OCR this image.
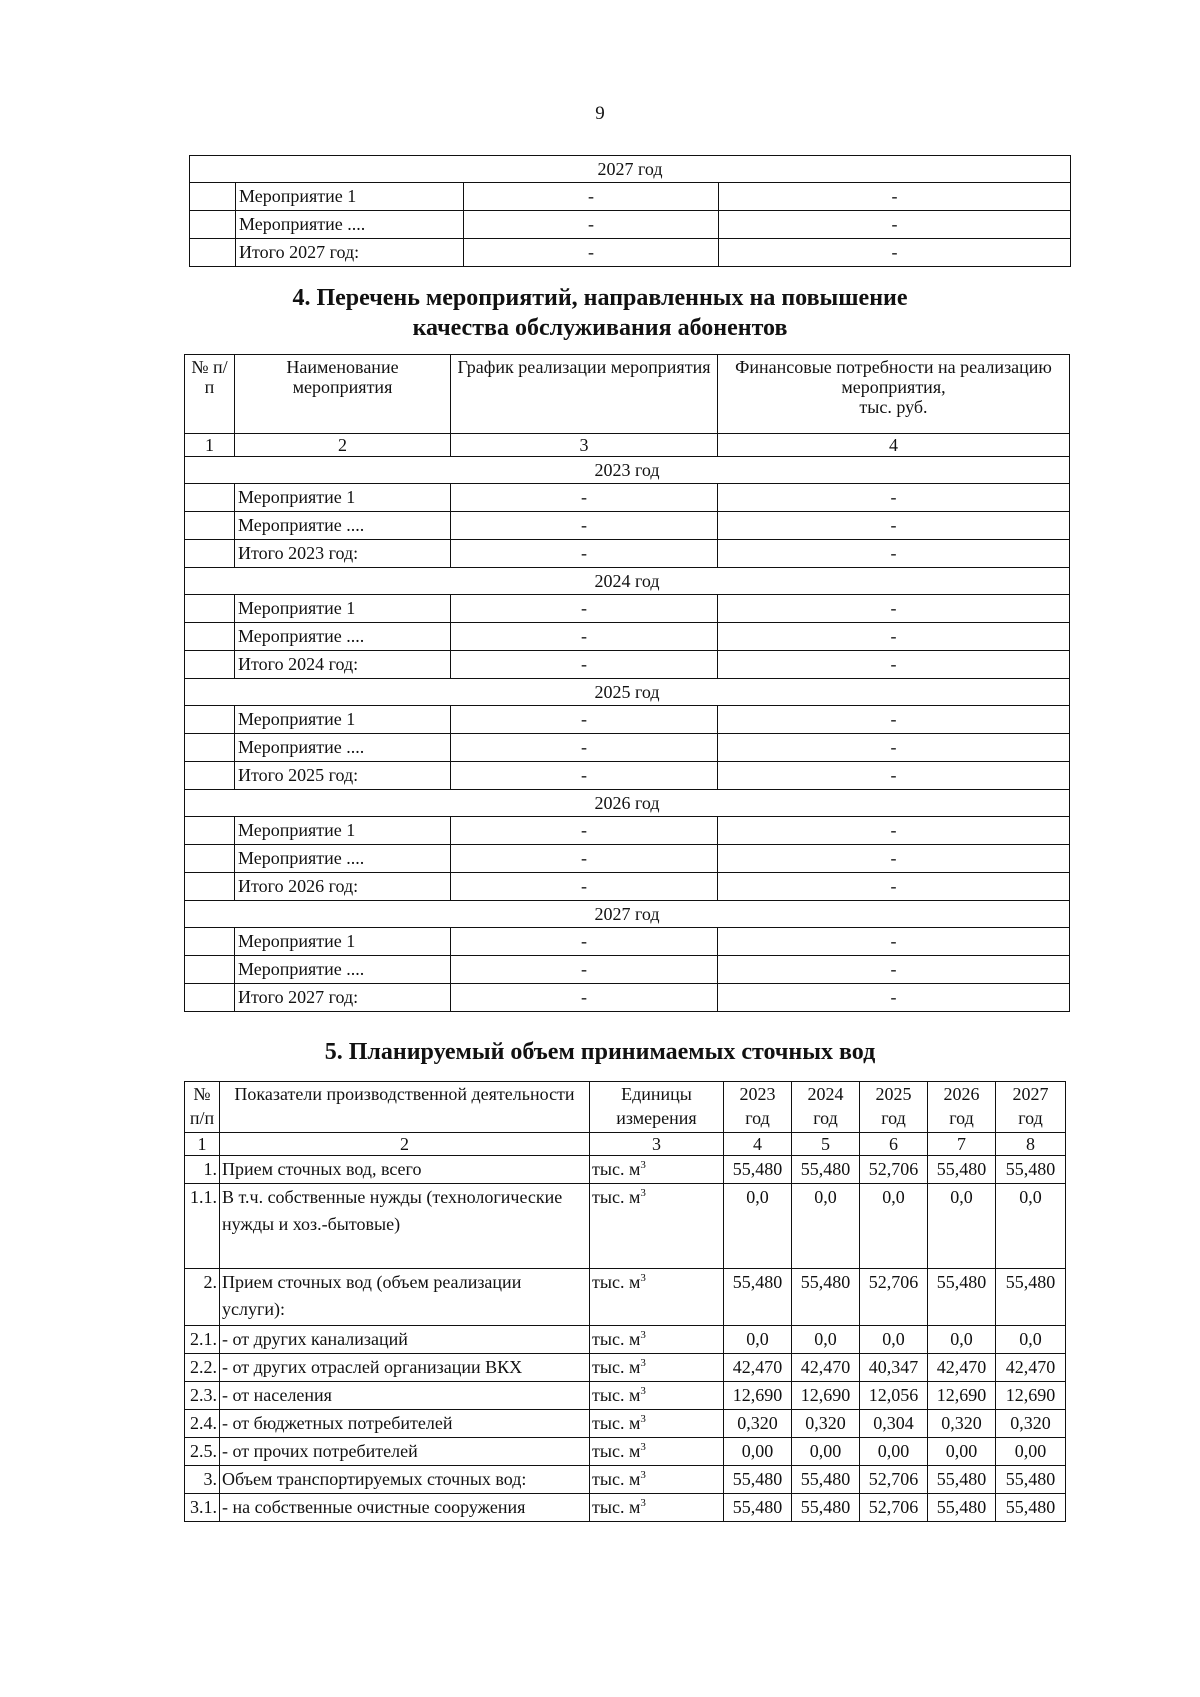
9
2027 год			
	Мероприятие 1	-	-
	Мероприятие ....	-	-
	Итого 2027 год:	-	-
4. Перечень мероприятий, направленных на повышение
качества обслуживания абонентов
№ п/п	Наименование мероприятия	График реализации мероприятия	Финансовые потребности на реализацию
мероприятия,
тыс. руб.

1	2	3	4
2023 год			
	Мероприятие 1	-	-
	Мероприятие ....	-	-
	Итого 2023 год:	-	-
2024 год			
	Мероприятие 1	-	-
	Мероприятие ....	-	-
	Итого 2024 год:	-	-
2025 год			
	Мероприятие 1	-	-
	Мероприятие ....	-	-
	Итого 2025 год:	-	-
2026 год			
	Мероприятие 1	-	-
	Мероприятие ....	-	-
	Итого 2026 год:	-	-
2027 год			
	Мероприятие 1	-	-
	Мероприятие ....	-	-
	Итого 2027 год:	-	-
5. Планируемый объем принимаемых сточных вод
№ п/п	Показатели производственной деятельности	Единицы измерения	2023 год	2024 год	2025 год	2026 год	2027 год
1	2	3	4	5	6	7	8
1.	Прием сточных вод, всего	тыс. $м^3$	55,480	55,480	52,706	55,480	55,480
1.1.	В т.ч. собственные нужды (технологические нужды и хоз.-бытовые)	тыс. $м^3$	0,0	0,0	0,0	0,0	0,0
2.	Прием сточных вод (объем реализации услуги):	тыс. $м^3$	55,480	55,480	52,706	55,480	55,480
2.1.	- от других канализаций	тыс. $м^3$	0,0	0,0	0,0	0,0	0,0
2.2.	- от других отраслей организации ВКХ	тыс. $м^3$	42,470	42,470	40,347	42,470	42,470
2.3.	- от населения	тыс. $м^3$	12,690	12,690	12,056	12,690	12,690
2.4.	- от бюджетных потребителей	тыс. $м^3$	0,320	0,320	0,304	0,320	0,320
2.5.	- от прочих потребителей	тыс. $м^3$	0,00	0,00	0,00	0,00	0,00
3.	Объем транспортируемых сточных вод:	тыс. $м^3$	55,480	55,480	52,706	55,480	55,480
3.1.	- на собственные очистные сооружения	тыс. $м^3$	55,480	55,480	52,706	55,480	55,480
